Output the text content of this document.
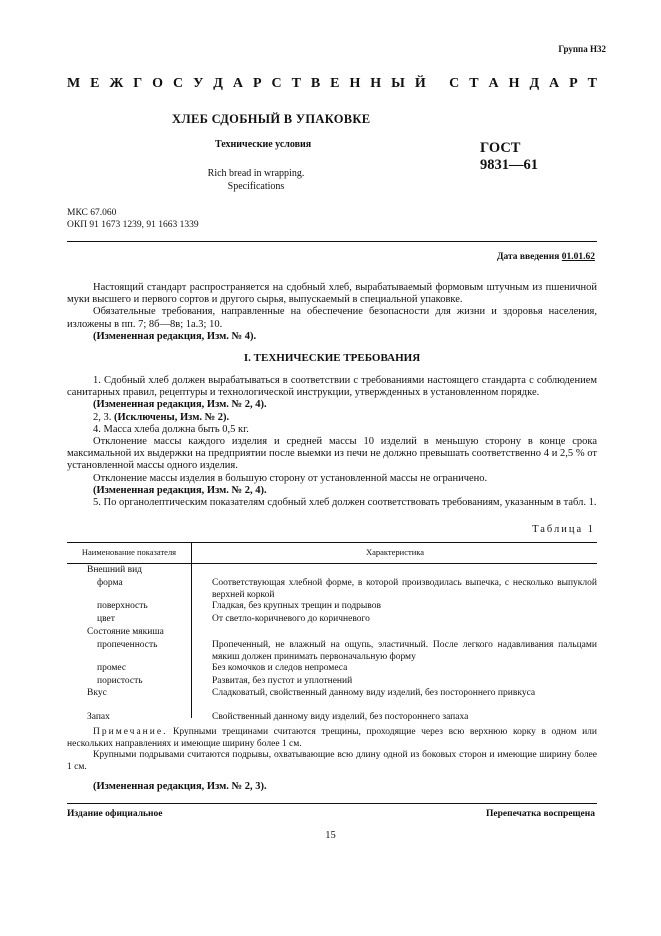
Группа Н32
М Е Ж Г О С У Д А Р С Т В Е Н Н Ы Й
С Т А Н Д А Р Т
ХЛЕБ СДОБНЫЙ В УПАКОВКЕ
Технические условия
Rich bread in wrapping.
Specifications
ГОСТ
9831—61
МКС 67.060
ОКП 91 1673 1239, 91 1663 1339
Дата введения 01.01.62

Настоящий стандарт распространяется на сдобный хлеб, вырабатываемый формовым штучным из пшеничной муки высшего и первого сортов и другого сырья, выпускаемый в специальной упаковке.

Обязательные требования, направленные на обеспечение безопасности для жизни и здоровья населения, изложены в пп. 7; 8б—8в; 1а.3; 10.

(Измененная редакция, Изм. № 4).

I. ТЕХНИЧЕСКИЕ ТРЕБОВАНИЯ

1. Сдобный хлеб должен вырабатываться в соответствии с требованиями настоящего стандарта с соблюдением санитарных правил, рецептуры и технологической инструкции, утвержденных в установленном порядке.

(Измененная редакция, Изм. № 2, 4).

2, 3. (Исключены, Изм. № 2).

4. Масса хлеба должна быть 0,5 кг.

Отклонение массы каждого изделия и средней массы 10 изделий в меньшую сторону в конце срока максимальной их выдержки на предприятии после выемки из печи не должно превышать соответственно 4 и 2,5 % от установленной массы одного изделия.

Отклонение массы изделия в большую сторону от установленной массы не ограничено.

(Измененная редакция, Изм. № 2, 4).

5. По органолептическим показателям сдобный хлеб должен соответствовать требованиям, указанным в табл. 1.

Таблица 1
Наименование показателя	Характеристика
Внешний вид
форма	Соответствующая хлебной форме, в которой производилась выпечка, с несколько выпуклой верхней коркой
поверхность	Гладкая, без крупных трещин и подрывов
цвет	От светло-коричневого до коричневого
Состояние мякиша
пропеченность	Пропеченный, не влажный на ощупь, эластичный. После легкого надавливания пальцами мякиш должен принимать первоначальную форму
промес	Без комочков и следов непромеса
пористость	Развитая, без пустот и уплотнений
Вкус	Сладковатый, свойственный данному виду изделий, без постороннего привкуса
Запах	Свойственный данному виду изделий, без постороннего запаха

Примечание. Крупными трещинами считаются трещины, проходящие через всю верхнюю корку в одном или нескольких направлениях и имеющие ширину более 1 см.

Крупными подрывами считаются подрывы, охватывающие всю длину одной из боковых сторон и имеющие ширину более 1 см.

(Измененная редакция, Изм. № 2, 3).

Издание официальное	Перепечатка воспрещена
15
